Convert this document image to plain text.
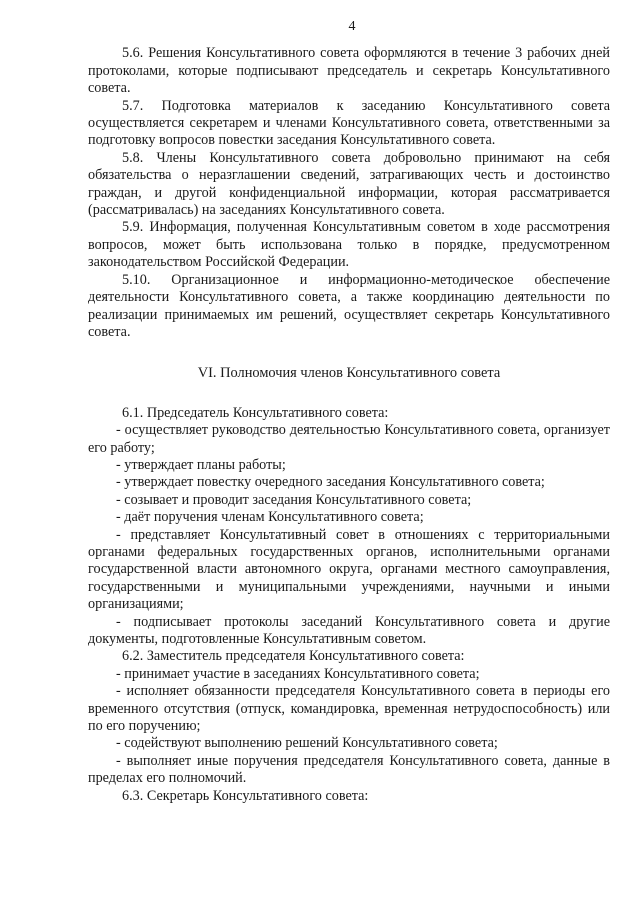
4

5.6. Решения Консультативного совета оформляются в течение 3 рабочих дней протоколами, которые подписывают председатель и секретарь Консультативного совета.

5.7. Подготовка материалов к заседанию Консультативного совета осуществляется секретарем и членами Консультативного совета, ответственными за подготовку вопросов повестки заседания Консультативного совета.

5.8. Члены Консультативного совета добровольно принимают на себя обязательства о неразглашении сведений, затрагивающих честь и достоинство граждан, и другой конфиденциальной информации, которая рассматривается (рассматривалась) на заседаниях Консультативного совета.

5.9. Информация, полученная Консультативным советом в ходе рассмотрения вопросов, может быть использована только в порядке, предусмотренном законодательством Российской Федерации.

5.10. Организационное и информационно-методическое обеспечение деятельности Консультативного совета, а также координацию деятельности по реализации принимаемых им решений, осуществляет секретарь Консультативного совета.

VI. Полномочия членов Консультативного совета

6.1. Председатель Консультативного совета:

- осуществляет руководство деятельностью Консультативного совета, организует его работу;

- утверждает планы работы;

- утверждает повестку очередного заседания Консультативного совета;

- созывает и проводит заседания Консультативного совета;

- даёт поручения членам Консультативного совета;

- представляет Консультативный совет в отношениях с территориальными органами федеральных государственных органов, исполнительными органами государственной власти автономного округа, органами местного самоуправления, государственными и муниципальными учреждениями, научными и иными организациями;

- подписывает протоколы заседаний Консультативного совета и другие документы, подготовленные Консультативным советом.

6.2. Заместитель председателя Консультативного совета:

- принимает участие в заседаниях Консультативного совета;

- исполняет обязанности председателя Консультативного совета в периоды его временного отсутствия (отпуск, командировка, временная нетрудоспособность) или по его поручению;

- содействуют выполнению решений Консультативного совета;

- выполняет иные поручения председателя Консультативного совета, данные в пределах его полномочий.

6.3. Секретарь Консультативного совета:
